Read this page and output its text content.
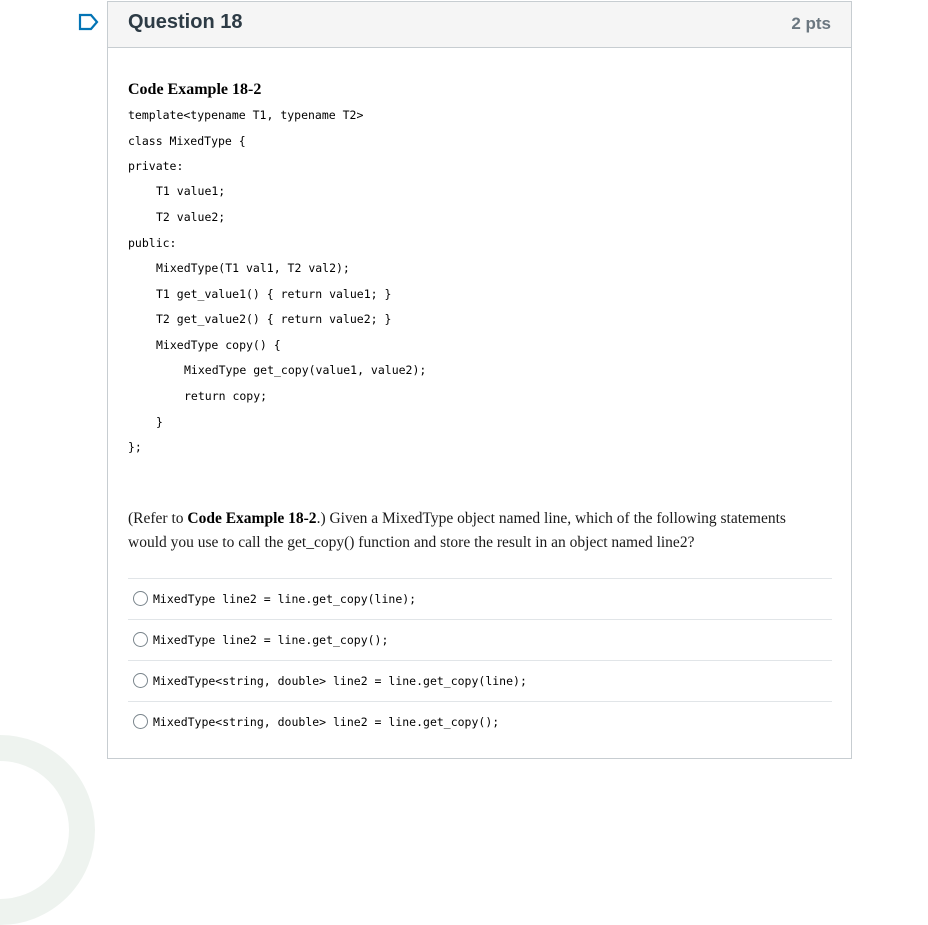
Question 18	2 pts
Code Example 18-2
template<typename T1, typename T2>
class MixedType {
private:
T1 value1;
T2 value2;
public:
MixedType(T1 val1, T2 val2);
T1 get_value1() { return value1; }
T2 get_value2() { return value2; }
MixedType copy() {
MixedType get_copy(value1, value2);
return copy;
}
};
(Refer to Code Example 18-2.) Given a MixedType object named line, which of the following statements would you use to call the get_copy() function and store the result in an object named line2?
MixedType line2 = line.get_copy(line);
MixedType line2 = line.get_copy();
MixedType<string, double> line2 = line.get_copy(line);
MixedType<string, double> line2 = line.get_copy();
